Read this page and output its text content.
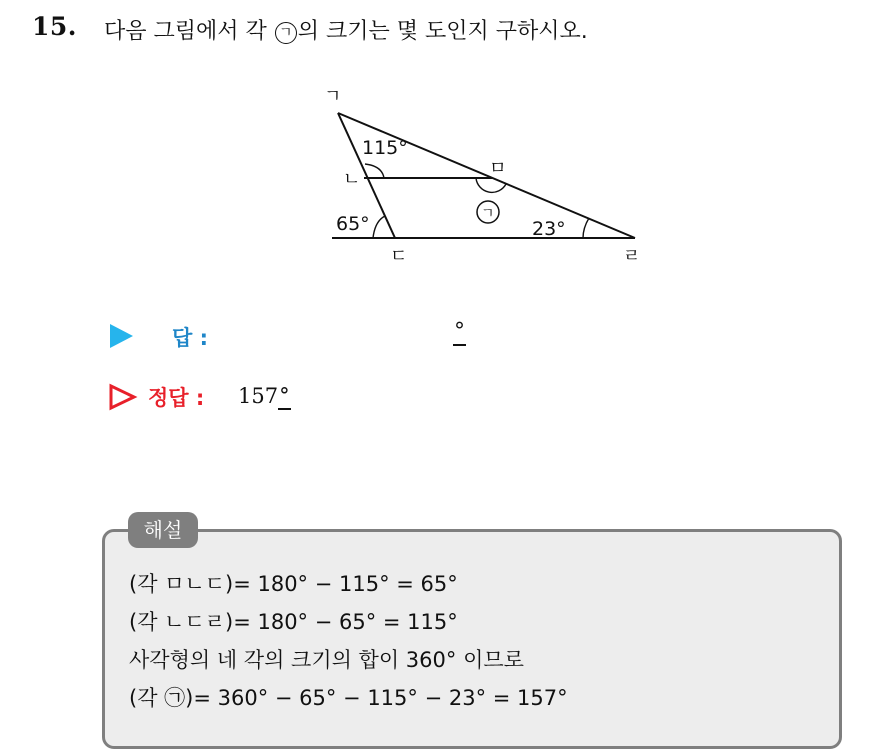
15. 다음 그림에서 각 ㄱ 의 크기는 몇 도인지 구하시오.
ㄱ
ㄴ
ㄷ	ㄹ
ㅁ
115°
65°	23°
ㄱ
답 :	°
정답 : 157°
해설
(각 ㅁㄴㄷ)= 180° − 115° = 65°
(각 ㄴㄷㄹ)= 180° − 65° = 115°
사각형의 네 각의 크기의 합이 360° 이므로
(각 ㉠)= 360° − 65° − 115° − 23° = 157°
